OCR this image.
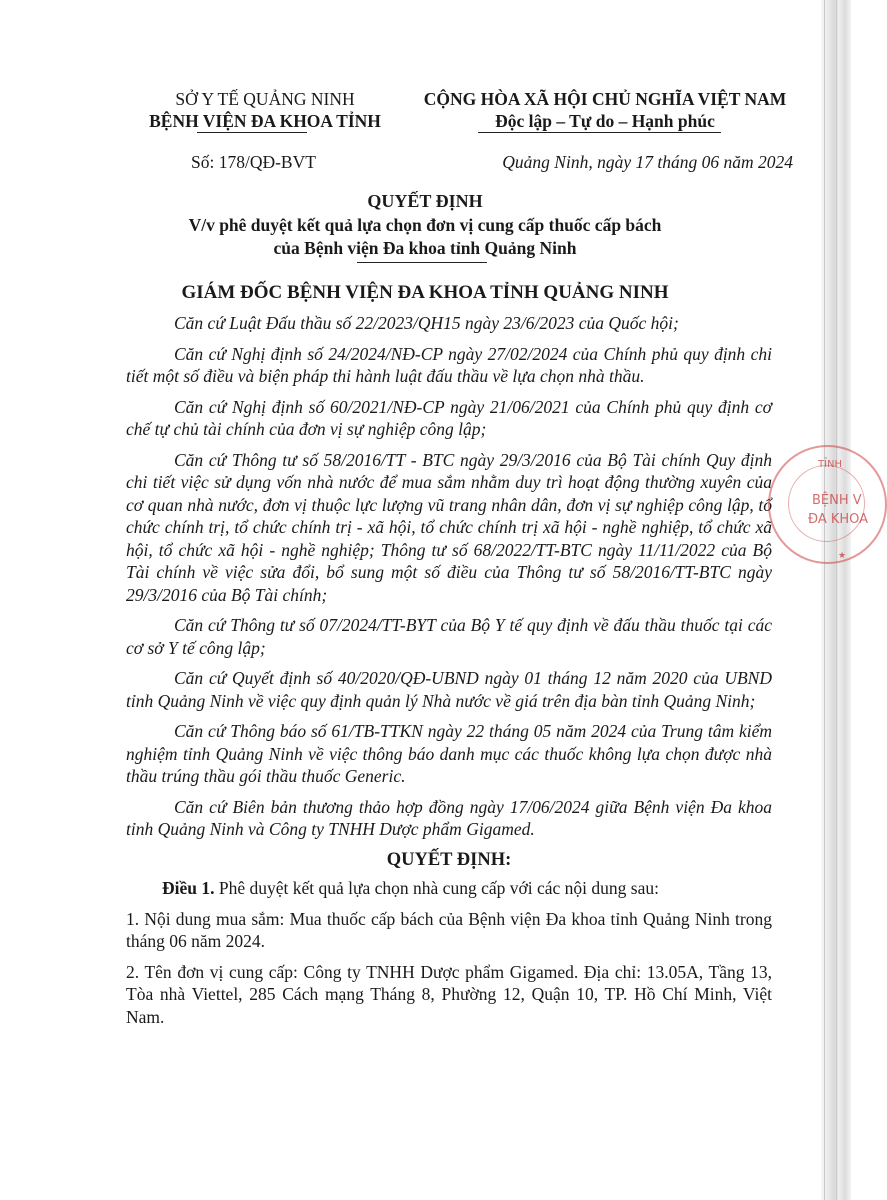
SỞ Y TẾ QUẢNG NINH
BỆNH VIỆN ĐA KHOA TỈNH
CỘNG HÒA XÃ HỘI CHỦ NGHĨA VIỆT NAM
Độc lập – Tự do – Hạnh phúc
Số: 178/QĐ-BVT	Quảng Ninh, ngày 17 tháng 06 năm 2024
QUYẾT ĐỊNH
V/v phê duyệt kết quả lựa chọn đơn vị cung cấp thuốc cấp bách
của Bệnh viện Đa khoa tỉnh Quảng Ninh
GIÁM ĐỐC BỆNH VIỆN ĐA KHOA TỈNH QUẢNG NINH

Căn cứ Luật Đấu thầu số 22/2023/QH15 ngày 23/6/2023 của Quốc hội;

Căn cứ Nghị định số 24/2024/NĐ-CP ngày 27/02/2024 của Chính phủ quy định chi tiết một số điều và biện pháp thi hành luật đấu thầu về lựa chọn nhà thầu.

Căn cứ Nghị định số 60/2021/NĐ-CP ngày 21/06/2021 của Chính phủ quy định cơ chế tự chủ tài chính của đơn vị sự nghiệp công lập;

Căn cứ Thông tư số 58/2016/TT - BTC ngày 29/3/2016 của Bộ Tài chính Quy định chi tiết việc sử dụng vốn nhà nước để mua sắm nhằm duy trì hoạt động thường xuyên của cơ quan nhà nước, đơn vị thuộc lực lượng vũ trang nhân dân, đơn vị sự nghiệp công lập, tổ chức chính trị, tổ chức chính trị - xã hội, tổ chức chính trị xã hội - nghề nghiệp, tổ chức xã hội, tổ chức xã hội - nghề nghiệp; Thông tư số 68/2022/TT-BTC ngày 11/11/2022 của Bộ Tài chính về việc sửa đổi, bổ sung một số điều của Thông tư số 58/2016/TT-BTC ngày 29/3/2016 của Bộ Tài chính;

Căn cứ Thông tư số 07/2024/TT-BYT của Bộ Y tế quy định về đấu thầu thuốc tại các cơ sở Y tế công lập;

Căn cứ Quyết định số 40/2020/QĐ-UBND ngày 01 tháng 12 năm 2020 của UBND tỉnh Quảng Ninh về việc quy định quản lý Nhà nước về giá trên địa bàn tỉnh Quảng Ninh;

Căn cứ Thông báo số 61/TB-TTKN ngày 22 tháng 05 năm 2024 của Trung tâm kiểm nghiệm tỉnh Quảng Ninh về việc thông báo danh mục các thuốc không lựa chọn được nhà thầu trúng thầu gói thầu thuốc Generic.

Căn cứ Biên bản thương thảo hợp đồng ngày 17/06/2024 giữa Bệnh viện Đa khoa tỉnh Quảng Ninh và Công ty TNHH Dược phẩm Gigamed.

QUYẾT ĐỊNH:

Điều 1. Phê duyệt kết quả lựa chọn nhà cung cấp với các nội dung sau:

1. Nội dung mua sắm: Mua thuốc cấp bách của Bệnh viện Đa khoa tỉnh Quảng Ninh trong tháng 06 năm 2024.

2. Tên đơn vị cung cấp: Công ty TNHH Dược phẩm Gigamed. Địa chỉ: 13.05A, Tầng 13, Tòa nhà Viettel, 285 Cách mạng Tháng 8, Phường 12, Quận 10, TP. Hồ Chí Minh, Việt Nam.

TỈNH
BỆNH V
ĐA KHOA
★
